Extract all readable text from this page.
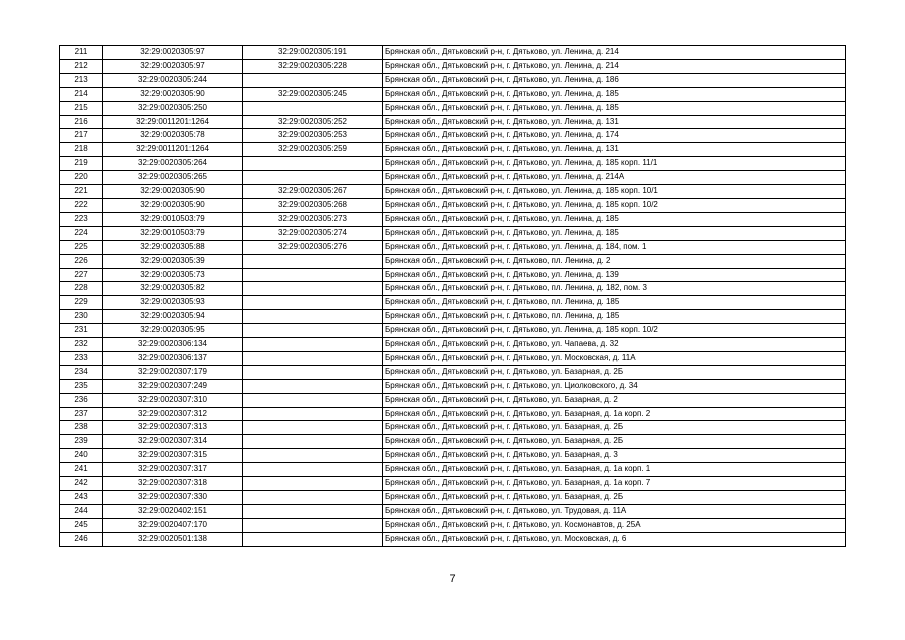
211	32:29:0020305:97	32:29:0020305:191	Брянская обл., Дятьковский р-н, г. Дятьково, ул. Ленина, д. 214
212	32:29:0020305:97	32:29:0020305:228	Брянская обл., Дятьковский р-н, г. Дятьково, ул. Ленина, д. 214
213	32:29:0020305:244		Брянская обл., Дятьковский р-н, г. Дятьково, ул. Ленина, д. 186
214	32:29:0020305:90	32:29:0020305:245	Брянская обл., Дятьковский р-н, г. Дятьково, ул. Ленина, д. 185
215	32:29:0020305:250		Брянская обл., Дятьковский р-н, г. Дятьково, ул. Ленина, д. 185
216	32:29:0011201:1264	32:29:0020305:252	Брянская обл., Дятьковский р-н, г. Дятьково, ул. Ленина, д. 131
217	32:29:0020305:78	32:29:0020305:253	Брянская обл., Дятьковский р-н, г. Дятьково, ул. Ленина, д. 174
218	32:29:0011201:1264	32:29:0020305:259	Брянская обл., Дятьковский р-н, г. Дятьково, ул. Ленина, д. 131
219	32:29:0020305:264		Брянская обл., Дятьковский р-н, г. Дятьково, ул. Ленина, д. 185 корп. 11/1
220	32:29:0020305:265		Брянская обл., Дятьковский р-н, г. Дятьково, ул. Ленина, д. 214А
221	32:29:0020305:90	32:29:0020305:267	Брянская обл., Дятьковский р-н, г. Дятьково, ул. Ленина, д. 185 корп. 10/1
222	32:29:0020305:90	32:29:0020305:268	Брянская обл., Дятьковский р-н, г. Дятьково, ул. Ленина, д. 185 корп. 10/2
223	32:29:0010503:79	32:29:0020305:273	Брянская обл., Дятьковский р-н, г. Дятьково, ул. Ленина, д. 185
224	32:29:0010503:79	32:29:0020305:274	Брянская обл., Дятьковский р-н, г. Дятьково, ул. Ленина, д. 185
225	32:29:0020305:88	32:29:0020305:276	Брянская обл., Дятьковский р-н, г. Дятьково, ул. Ленина, д. 184, пом. 1
226	32:29:0020305:39		Брянская обл., Дятьковский р-н, г. Дятьково, пл. Ленина, д. 2
227	32:29:0020305:73		Брянская обл., Дятьковский р-н, г. Дятьково, ул. Ленина, д. 139
228	32:29:0020305:82		Брянская обл., Дятьковский р-н, г. Дятьково, пл. Ленина, д. 182, пом. 3
229	32:29:0020305:93		Брянская обл., Дятьковский р-н, г. Дятьково, пл. Ленина, д. 185
230	32:29:0020305:94		Брянская обл., Дятьковский р-н, г. Дятьково, пл. Ленина, д. 185
231	32:29:0020305:95		Брянская обл., Дятьковский р-н, г. Дятьково, ул. Ленина, д. 185 корп. 10/2
232	32:29:0020306:134		Брянская обл., Дятьковский р-н, г. Дятьково, ул. Чапаева, д. 32
233	32:29:0020306:137		Брянская обл., Дятьковский р-н, г. Дятьково, ул. Московская, д. 11А
234	32:29:0020307:179		Брянская обл., Дятьковский р-н, г. Дятьково, ул. Базарная, д. 2Б
235	32:29:0020307:249		Брянская обл., Дятьковский р-н, г. Дятьково, ул. Циолковского, д. 34
236	32:29:0020307:310		Брянская обл., Дятьковский р-н, г. Дятьково, ул. Базарная, д. 2
237	32:29:0020307:312		Брянская обл., Дятьковский р-н, г. Дятьково, ул. Базарная, д. 1а корп. 2
238	32:29:0020307:313		Брянская обл., Дятьковский р-н, г. Дятьково, ул. Базарная, д. 2Б
239	32:29:0020307:314		Брянская обл., Дятьковский р-н, г. Дятьково, ул. Базарная, д. 2Б
240	32:29:0020307:315		Брянская обл., Дятьковский р-н, г. Дятьково, ул. Базарная, д. 3
241	32:29:0020307:317		Брянская обл., Дятьковский р-н, г. Дятьково, ул. Базарная, д. 1а корп. 1
242	32:29:0020307:318		Брянская обл., Дятьковский р-н, г. Дятьково, ул. Базарная, д. 1а корп. 7
243	32:29:0020307:330		Брянская обл., Дятьковский р-н, г. Дятьково, ул. Базарная, д. 2Б
244	32:29:0020402:151		Брянская обл., Дятьковский р-н, г. Дятьково, ул. Трудовая, д. 11А
245	32:29:0020407:170		Брянская обл., Дятьковский р-н, г. Дятьково, ул. Космонавтов, д. 25А
246	32:29:0020501:138		Брянская обл., Дятьковский р-н, г. Дятьково, ул. Московская, д. 6
7
